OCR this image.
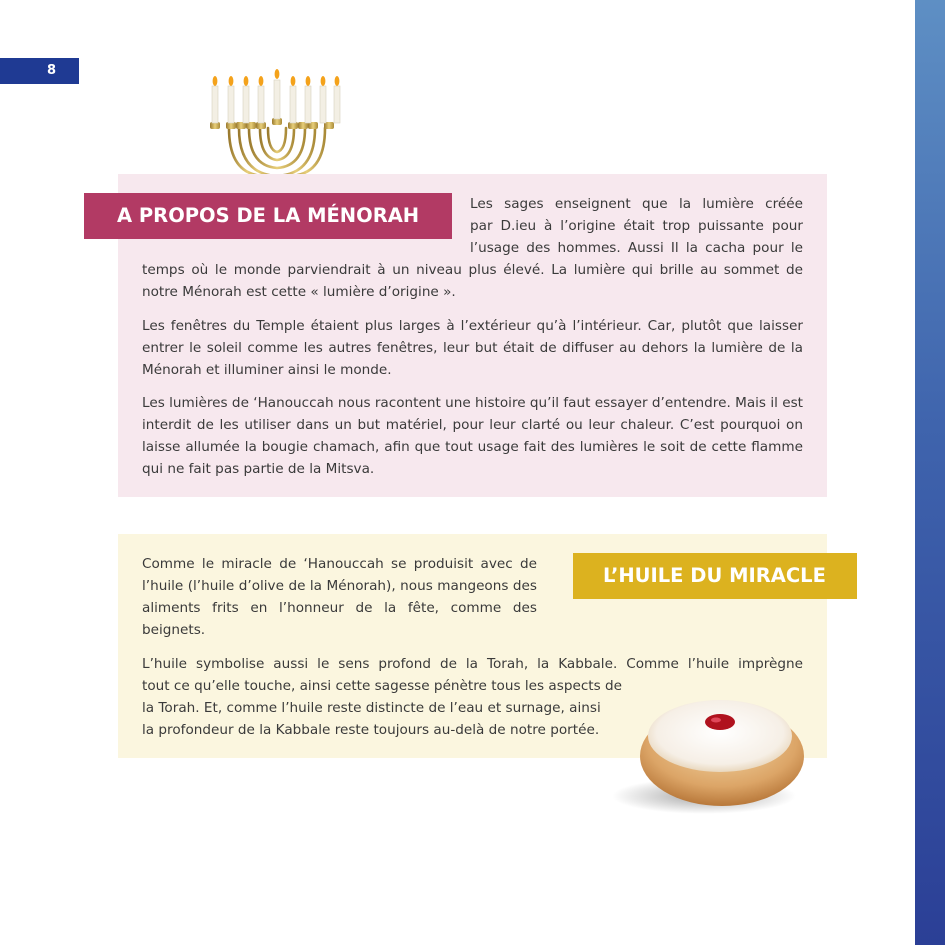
8
A PROPOS DE LA MÉNORAH	Les sages enseignent que la lumière créée
par D.ieu à l’origine était trop puissante pour
l’usage des hommes. Aussi Il la cacha pour le
temps où le monde parviendrait à un niveau plus élevé. La lumière qui brille au sommet de notre Ménorah est cette « lumière d’origine ».
Les fenêtres du Temple étaient plus larges à l’extérieur qu’à l’intérieur. Car, plutôt que laisser entrer le soleil comme les autres fenêtres, leur but était de diffuser au dehors la lumière de la Ménorah et illuminer ainsi le monde.
Les lumières de ‘Hanouccah nous racontent une histoire qu’il faut essayer d’entendre. Mais il est interdit de les utiliser dans un but matériel, pour leur clarté ou leur chaleur. C’est pourquoi on laisse allumée la bougie chamach, afin que tout usage fait des lumières le soit de cette flamme qui ne fait pas partie de la Mitsva.
L’HUILE DU MIRACLE
Comme le miracle de ‘Hanouccah se produisit avec de l’huile (l’huile d’olive de la Ménorah), nous mangeons des aliments frits en l’honneur de la fête, comme des beignets.
L’huile symbolise aussi le sens profond de la Torah, la Kabbale. Comme l’huile imprègne
tout ce qu’elle touche, ainsi cette sagesse pénètre tous les aspects de
la Torah. Et, comme l’huile reste distincte de l’eau et surnage, ainsi
la profondeur de la Kabbale reste toujours au-delà de notre portée.
